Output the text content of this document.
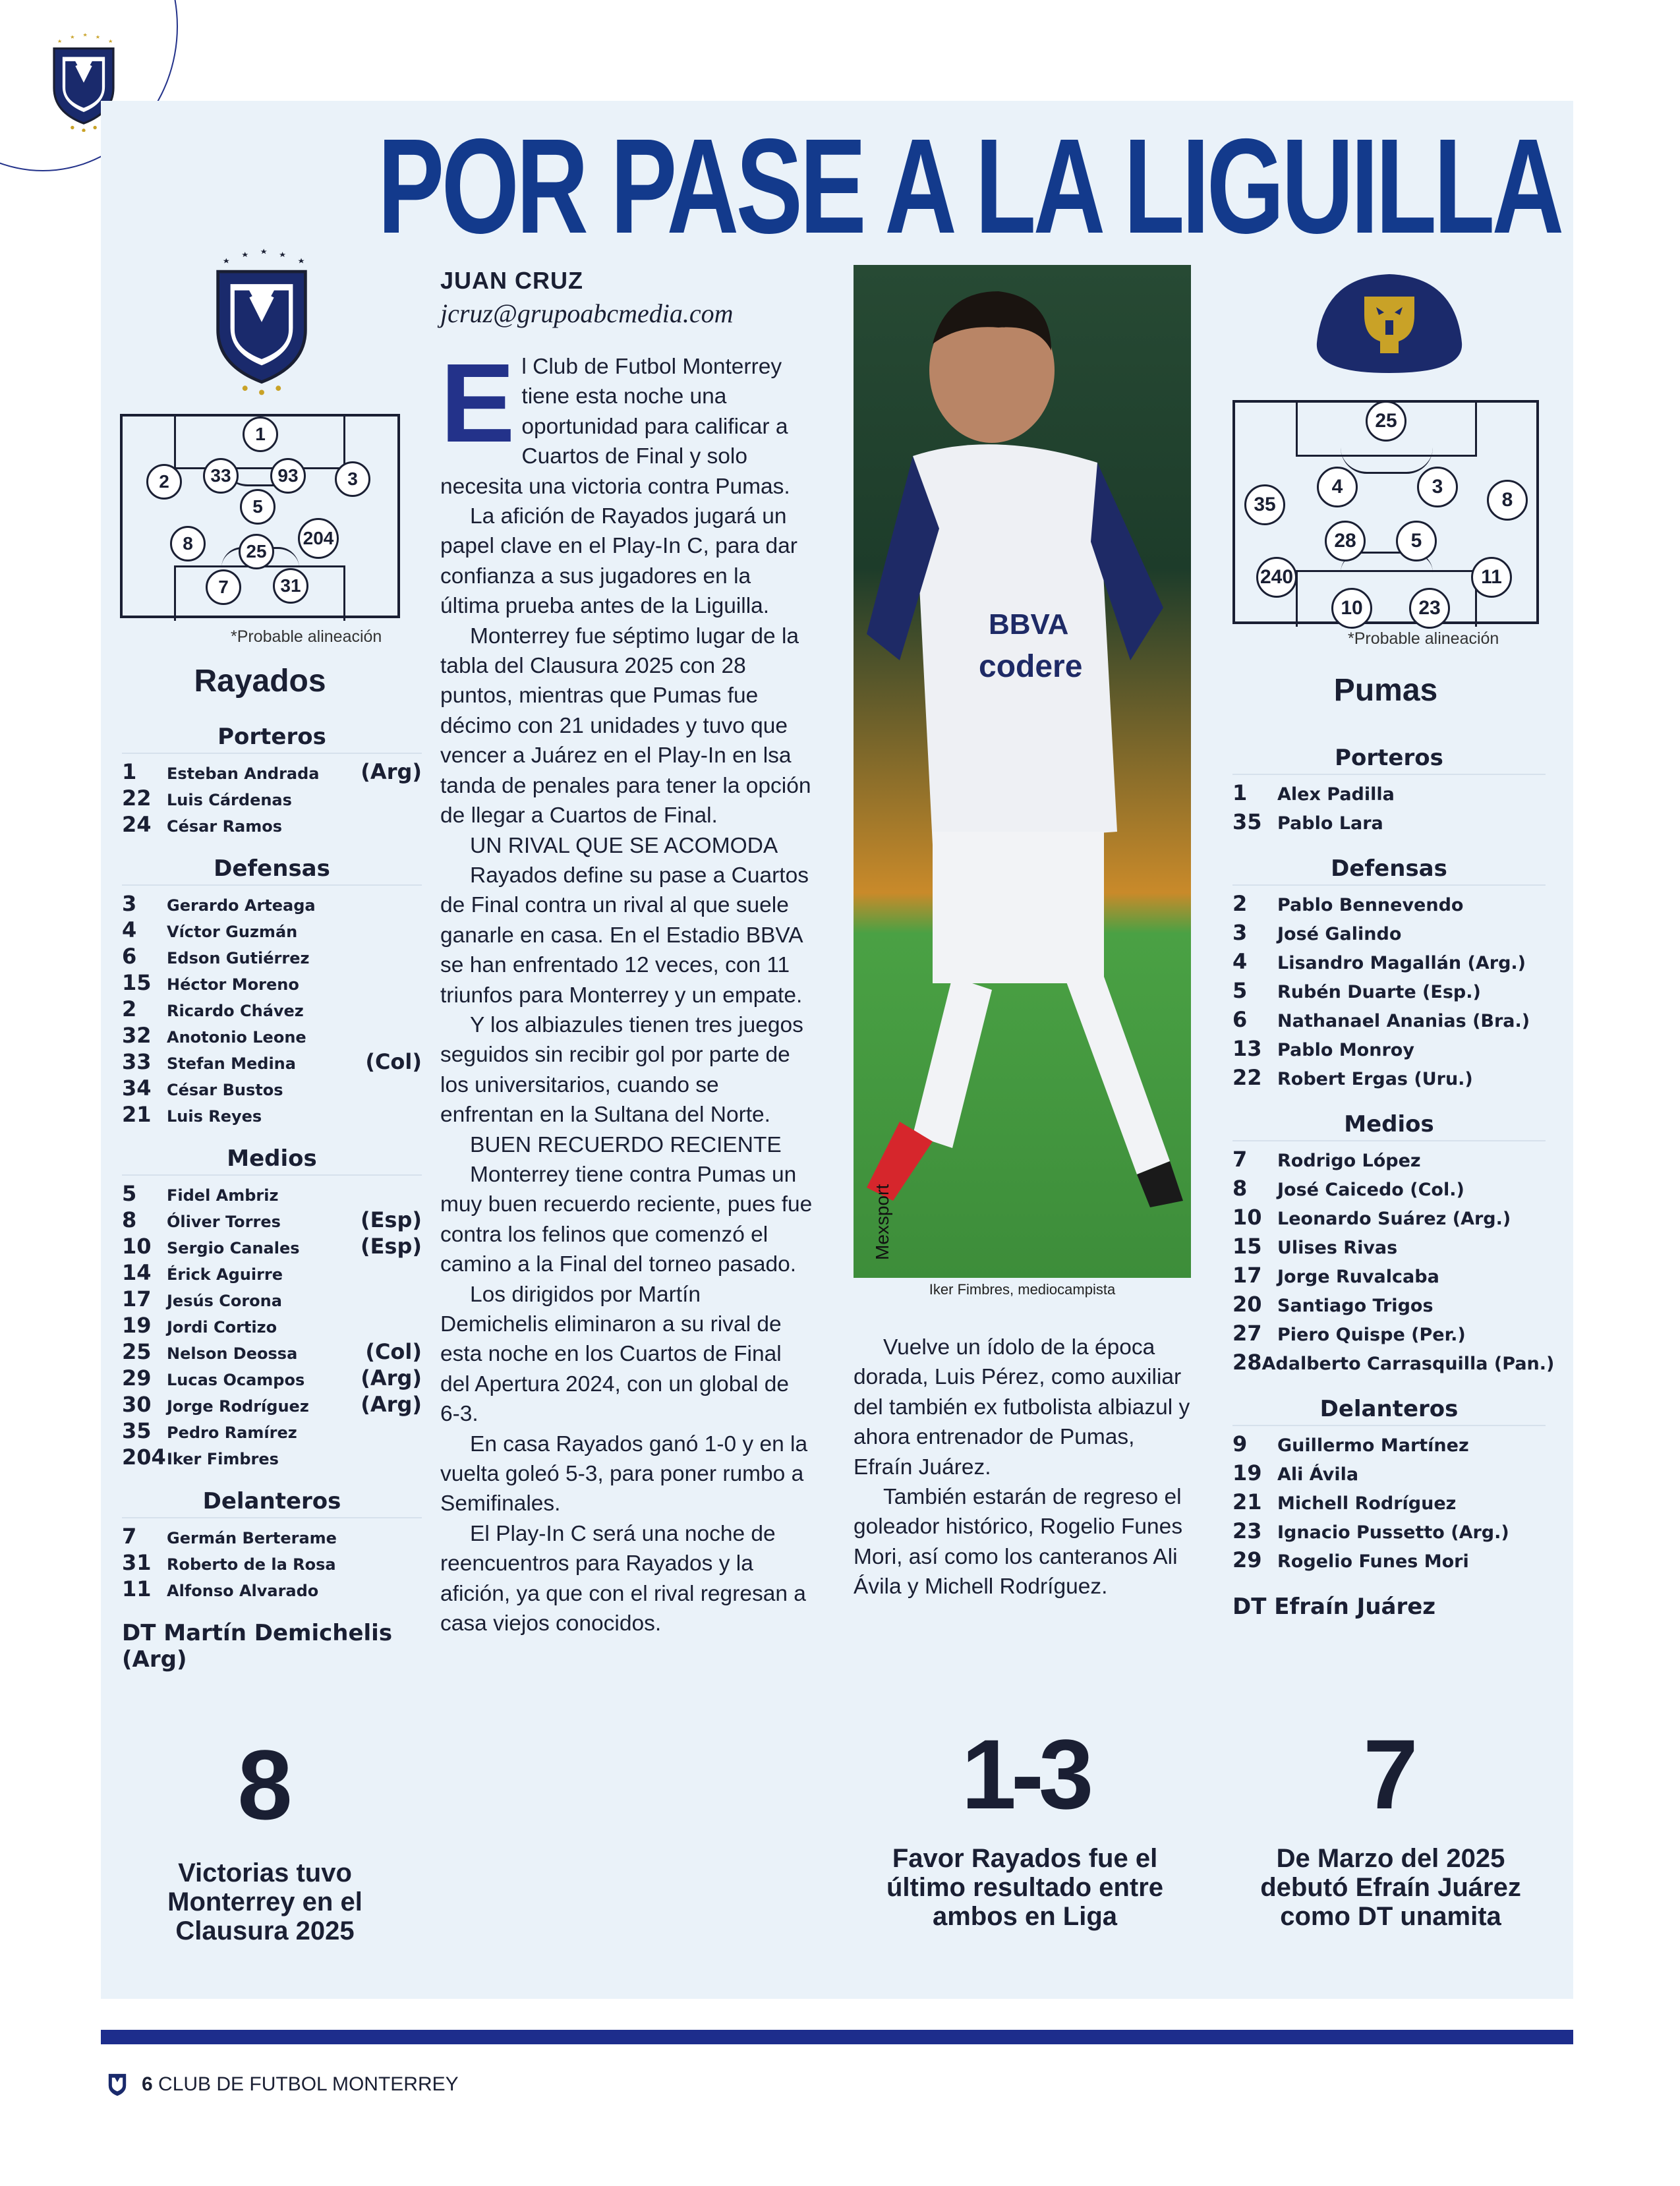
POR PASE A LA LIGUILLA
1
2	33	93	3
5
8	25
204
7	31
*Probable alineación
Rayados
Porteros
1	Esteban Andrada	(Arg)
22 Luis Cárdenas
24 César Ramos
Defensas
3	Gerardo Arteaga
4	Víctor Guzmán
6	Edson Gutiérrez
15 Héctor Moreno
2	Ricardo Chávez
32 Anotonio Leone
33 Stefan Medina	(Col)
34 César Bustos
21 Luis Reyes
Medios
5	Fidel Ambriz
8	Óliver Torres	(Esp)
10 Sergio Canales	(Esp)
14 Érick Aguirre
17 Jesús Corona
19 Jordi Cortizo
25 Nelson Deossa	(Col)
29 Lucas Ocampos	(Arg)
30 Jorge Rodríguez	(Arg)
35 Pedro Ramírez
204 Iker Fimbres
Delanteros
7	Germán Berterame
31 Roberto de la Rosa
11 Alfonso Alvarado
DT Martín Demichelis (Arg)
25
4	3
35	8
28	5
240	11
10	23
*Probable alineación
Pumas
Porteros
1	Alex Padilla
35 Pablo Lara
Defensas
2	Pablo Bennevendo
3	José Galindo
4	Lisandro Magallán (Arg.)
5	Rubén Duarte (Esp.)
6	Nathanael Ananias (Bra.)
13 Pablo Monroy
22 Robert Ergas (Uru.)
Medios
7	Rodrigo López
8	José Caicedo (Col.)
10 Leonardo Suárez (Arg.)
15 Ulises Rivas
17 Jorge Ruvalcaba
20 Santiago Trigos
27 Piero Quispe (Per.)
28 Adalberto Carrasquilla (Pan.)
Delanteros
9	Guillermo Martínez
19 Ali Ávila
21 Michell Rodríguez
23 Ignacio Pussetto (Arg.)
29 Rogelio Funes Mori
DT Efraín Juárez
JUAN CRUZ
jcruz@grupoabcmedia.com
E l Club de Futbol Monterrey tiene esta noche una oportunidad para calificar a Cuartos de Final y solo necesita una victoria contra Pumas.

La afición de Rayados jugará un papel clave en el Play-In C, para dar confianza a sus jugadores en la última prueba antes de la Liguilla.

Monterrey fue séptimo lugar de la tabla del Clausura 2025 con 28 puntos, mientras que Pumas fue décimo con 21 unidades y tuvo que vencer a Juárez en el Play-In en lsa tanda de penales para tener la opción de llegar a Cuartos de Final.

UN RIVAL QUE SE ACOMODA

Rayados define su pase a Cuartos de Final contra un rival al que suele ganarle en casa. En el Estadio BBVA se han enfrentado 12 veces, con 11 triunfos para Monterrey y un empate.

Y los albiazules tienen tres juegos seguidos sin recibir gol por parte de los universitarios, cuando se enfrentan en la Sultana del Norte.

BUEN RECUERDO RECIENTE

Monterrey tiene contra Pumas un muy buen recuerdo reciente, pues fue contra los felinos que comenzó el camino a la Final del torneo pasado.

Los dirigidos por Martín Demichelis eliminaron a su rival de esta noche en los Cuartos de Final del Apertura 2024, con un global de 6-3.

En casa Rayados ganó 1-0 y en la vuelta goleó 5-3, para poner rumbo a Semifinales.

El Play-In C será una noche de reencuentros para Rayados y la afición, ya que con el rival regresan a casa viejos conocidos.

BBVA
codere
Mexsport
Iker Fimbres, mediocampista

Vuelve un ídolo de la época dorada, Luis Pérez, como auxiliar del también ex futbolista albiazul y ahora entrenador de Pumas, Efraín Juárez.

También estarán de regreso el goleador histórico, Rogelio Funes Mori, así como los canteranos Ali Ávila y Michell Rodríguez.

8
Victorias tuvo Monterrey en el Clausura 2025
1-3
Favor Rayados fue el último resultado entre ambos en Liga
7
De Marzo del 2025 debutó Efraín Juárez como DT unamita
6 CLUB DE FUTBOL MONTERREY
